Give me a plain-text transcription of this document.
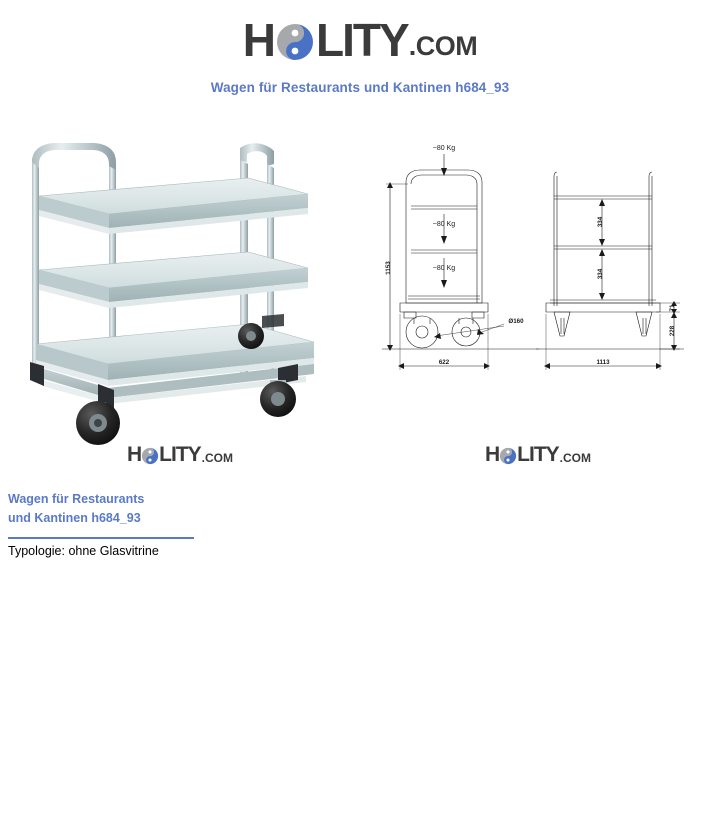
H LITY .COM
Wagen für Restaurants und Kantinen h684_93
H LITY .COM
~80 Kg
~80 Kg
~80 Kg
1153
622
Ø160
334
334
1113
71
228
H LITY .COM
Wagen für Restaurants
und Kantinen h684_93
Typologie: ohne Glasvitrine
